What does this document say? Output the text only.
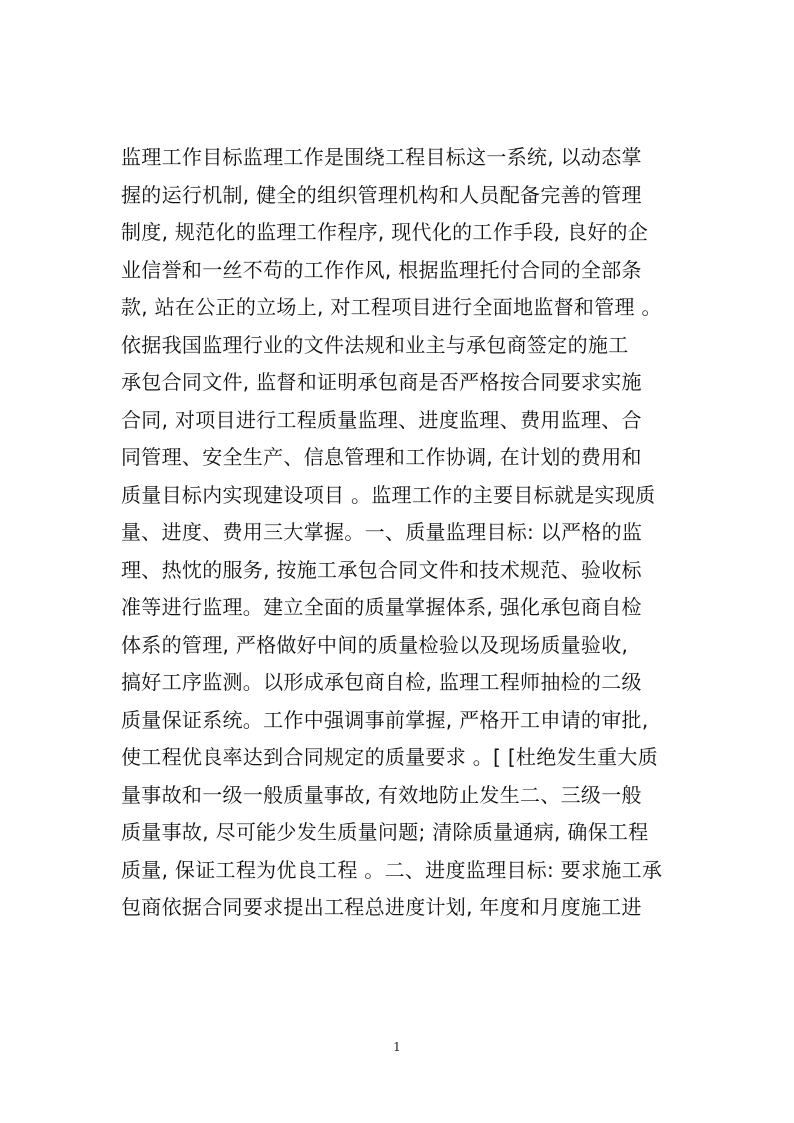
监理工作目标监理工作是围绕工程目标这一系统, 以动态掌
握的运行机制, 健全的组织管理机构和人员配备完善的管理
制度, 规范化的监理工作程序, 现代化的工作手段, 良好的企
业信誉和一丝不苟的工作作风, 根据监理托付合同的全部条
款, 站在公正的立场上, 对工程项目进行全面地监督和管理 。
依据我国监理行业的文件法规和业主与承包商签定的施工
承包合同文件, 监督和证明承包商是否严格按合同要求实施
合同, 对项目进行工程质量监理、进度监理、费用监理、合
同管理、安全生产、信息管理和工作协调, 在计划的费用和
质量目标内实现建设项目 。监理工作的主要目标就是实现质
量、进度、费用三大掌握。一、质量监理目标: 以严格的监
理、热忱的服务, 按施工承包合同文件和技术规范、验收标
准等进行监理。建立全面的质量掌握体系, 强化承包商自检
体系的管理, 严格做好中间的质量检验以及现场质量验收,
搞好工序监测。以形成承包商自检, 监理工程师抽检的二级
质量保证系统。工作中强调事前掌握, 严格开工申请的审批,
使工程优良率达到合同规定的质量要求 。[ [杜绝发生重大质
量事故和一级一般质量事故, 有效地防止发生二、三级一般
质量事故, 尽可能少发生质量问题; 清除质量通病, 确保工程
质量, 保证工程为优良工程 。二、进度监理目标: 要求施工承
包商依据合同要求提出工程总进度计划, 年度和月度施工进
1
